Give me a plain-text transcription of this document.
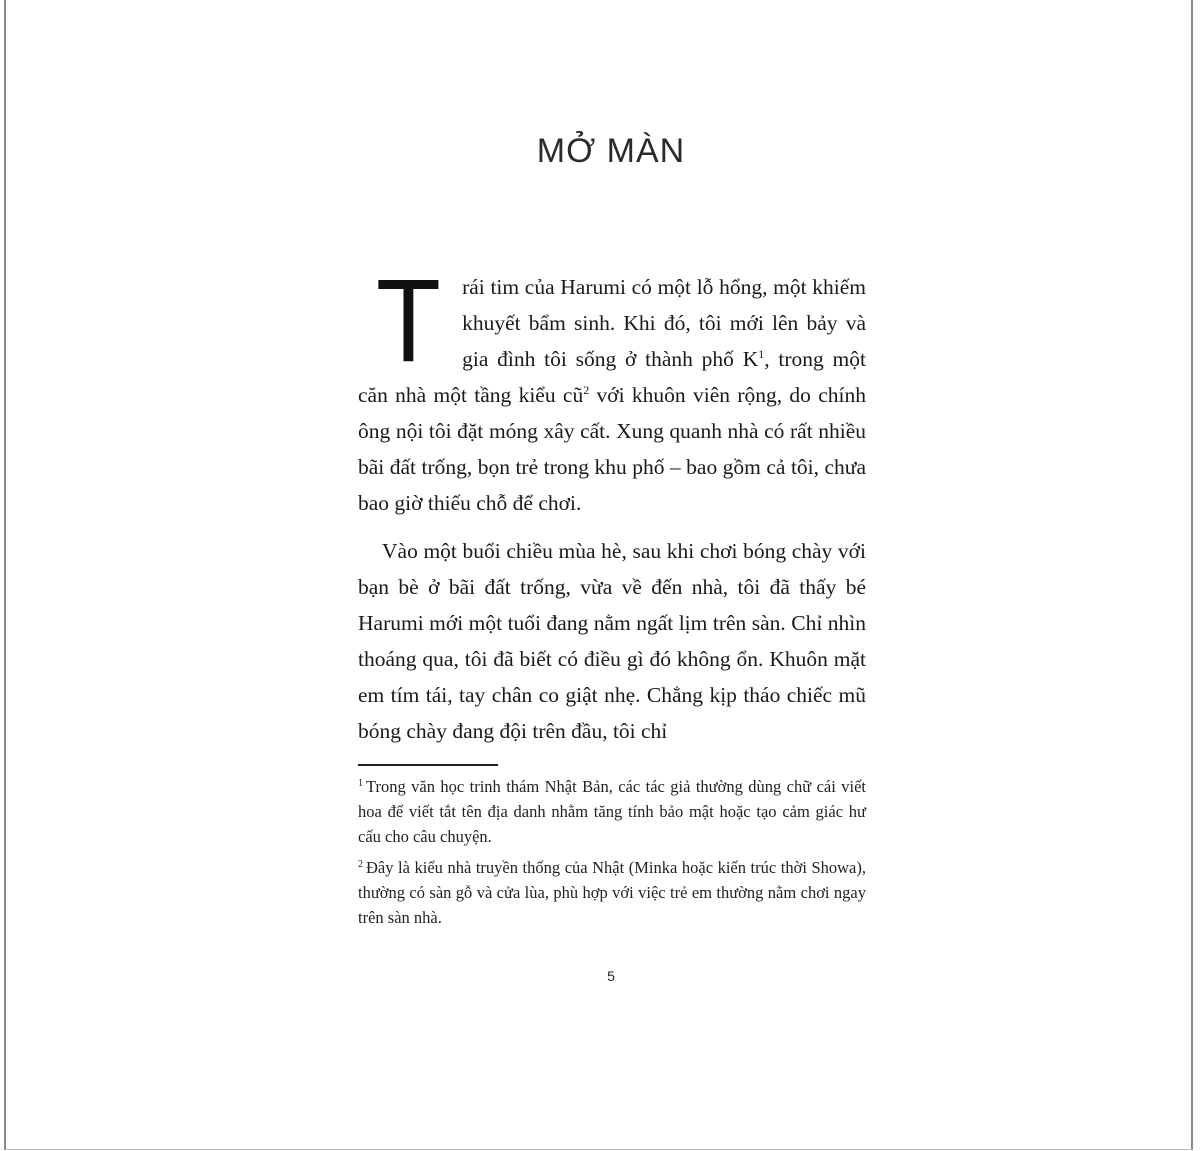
MỞ MÀN

Trái tim của Harumi có một lỗ hổng, một khiếm khuyết bẩm sinh. Khi đó, tôi mới lên bảy và gia đình tôi sống ở thành phố K$^1$, trong một căn nhà một tầng kiểu cũ$^2$ với khuôn viên rộng, do chính ông nội tôi đặt móng xây cất. Xung quanh nhà có rất nhiều bãi đất trống, bọn trẻ trong khu phố – bao gồm cả tôi, chưa bao giờ thiếu chỗ để chơi.

Vào một buổi chiều mùa hè, sau khi chơi bóng chày với bạn bè ở bãi đất trống, vừa về đến nhà, tôi đã thấy bé Harumi mới một tuổi đang nằm ngất lịm trên sàn. Chỉ nhìn thoáng qua, tôi đã biết có điều gì đó không ổn. Khuôn mặt em tím tái, tay chân co giật nhẹ. Chẳng kịp tháo chiếc mũ bóng chày đang đội trên đầu, tôi chỉ

$^1$ Trong văn học trinh thám Nhật Bản, các tác giả thường dùng chữ cái viết hoa để viết tắt tên địa danh nhằm tăng tính bảo mật hoặc tạo cảm giác hư cấu cho câu chuyện.

$^2$ Đây là kiểu nhà truyền thống của Nhật (Minka hoặc kiến trúc thời Showa), thường có sàn gỗ và cửa lùa, phù hợp với việc trẻ em thường nằm chơi ngay trên sàn nhà.

5
